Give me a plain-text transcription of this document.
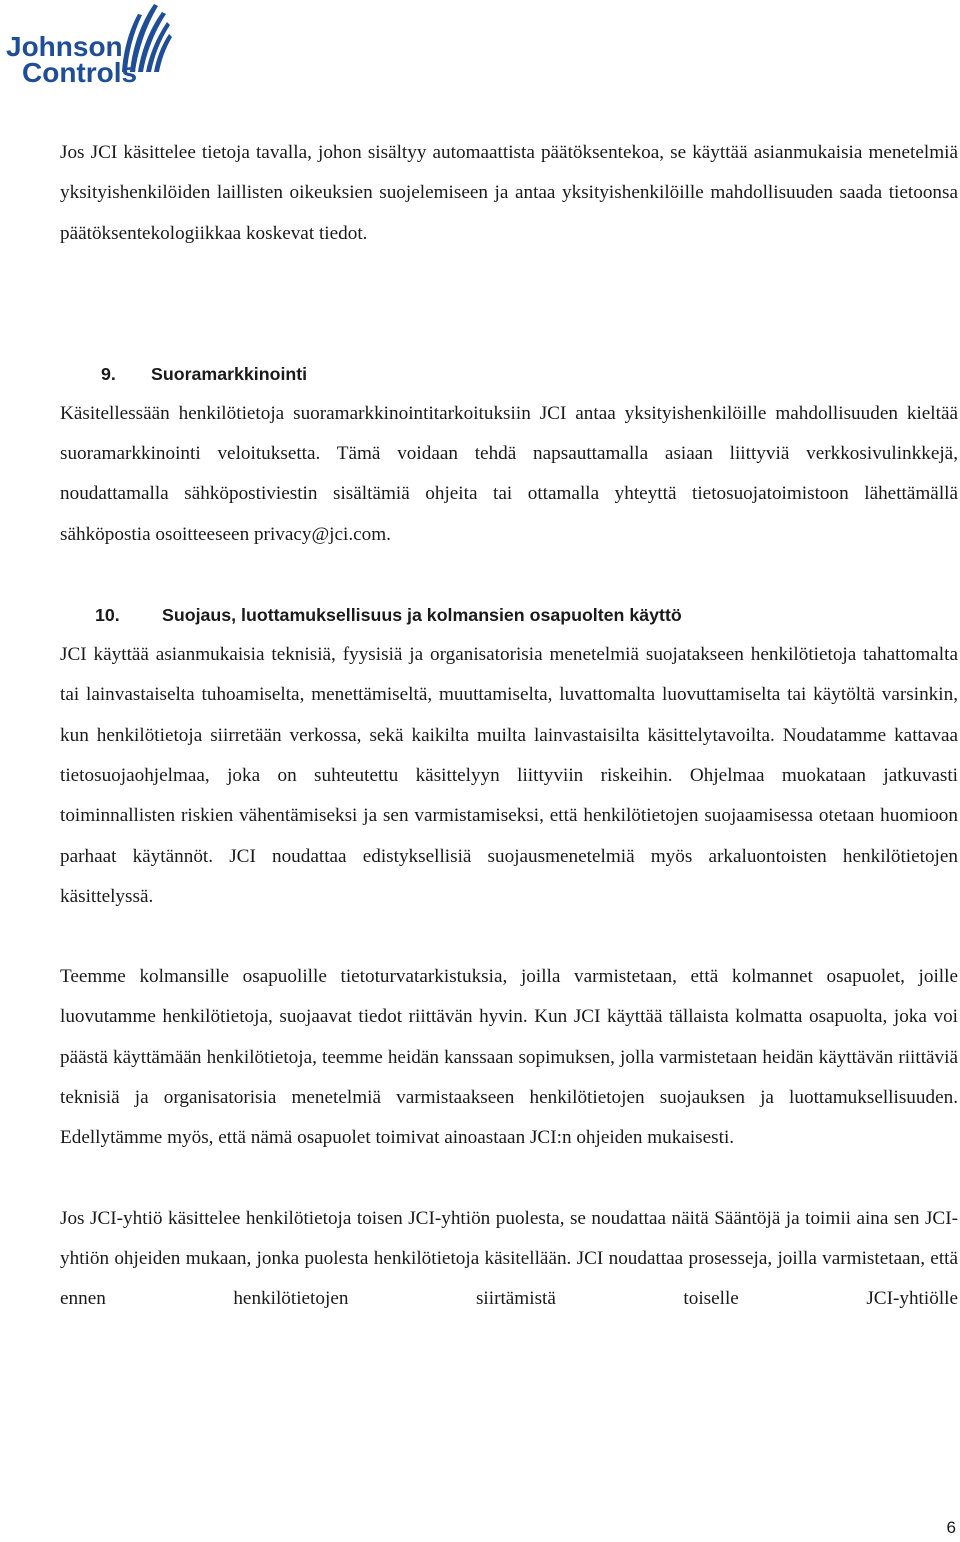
Johnson
Controls

Jos JCI käsittelee tietoja tavalla, johon sisältyy automaattista päätöksentekoa, se käyttää asianmukaisia menetelmiä yksityishenkilöiden laillisten oikeuksien suojelemiseen ja antaa yksityishenkilöille mahdollisuuden saada tietoonsa päätöksentekologiikkaa koskevat tiedot.

9.	Suoramarkkinointi

Käsitellessään henkilötietoja suoramarkkinointitarkoituksiin JCI antaa yksityishenkilöille mahdollisuuden kieltää suoramarkkinointi veloituksetta. Tämä voidaan tehdä napsauttamalla asiaan liittyviä verkkosivulinkkejä, noudattamalla sähköpostiviestin sisältämiä ohjeita tai ottamalla yhteyttä tietosuojatoimistoon lähettämällä sähköpostia osoitteeseen privacy@jci.com.

10.	Suojaus, luottamuksellisuus ja kolmansien osapuolten käyttö

JCI käyttää asianmukaisia teknisiä, fyysisiä ja organisatorisia menetelmiä suojatakseen henkilötietoja tahattomalta tai lainvastaiselta tuhoamiselta, menettämiseltä, muuttamiselta, luvattomalta luovuttamiselta tai käytöltä varsinkin, kun henkilötietoja siirretään verkossa, sekä kaikilta muilta lainvastaisilta käsittelytavoilta. Noudatamme kattavaa tietosuojaohjelmaa, joka on suhteutettu käsittelyyn liittyviin riskeihin. Ohjelmaa muokataan jatkuvasti toiminnallisten riskien vähentämiseksi ja sen varmistamiseksi, että henkilötietojen suojaamisessa otetaan huomioon parhaat käytännöt. JCI noudattaa edistyksellisiä suojausmenetelmiä myös arkaluontoisten henkilötietojen käsittelyssä.

Teemme kolmansille osapuolille tietoturvatarkistuksia, joilla varmistetaan, että kolmannet osapuolet, joille luovutamme henkilötietoja, suojaavat tiedot riittävän hyvin. Kun JCI käyttää tällaista kolmatta osapuolta, joka voi päästä käyttämään henkilötietoja, teemme heidän kanssaan sopimuksen, jolla varmistetaan heidän käyttävän riittäviä teknisiä ja organisatorisia menetelmiä varmistaakseen henkilötietojen suojauksen ja luottamuksellisuuden. Edellytämme myös, että nämä osapuolet toimivat ainoastaan JCI:n ohjeiden mukaisesti.

Jos JCI-yhtiö käsittelee henkilötietoja toisen JCI-yhtiön puolesta, se noudattaa näitä Sääntöjä ja toimii aina sen JCI-yhtiön ohjeiden mukaan, jonka puolesta henkilötietoja käsitellään. JCI noudattaa prosesseja, joilla varmistetaan, että ennen henkilötietojen siirtämistä toiselle JCI-yhtiölle

6
